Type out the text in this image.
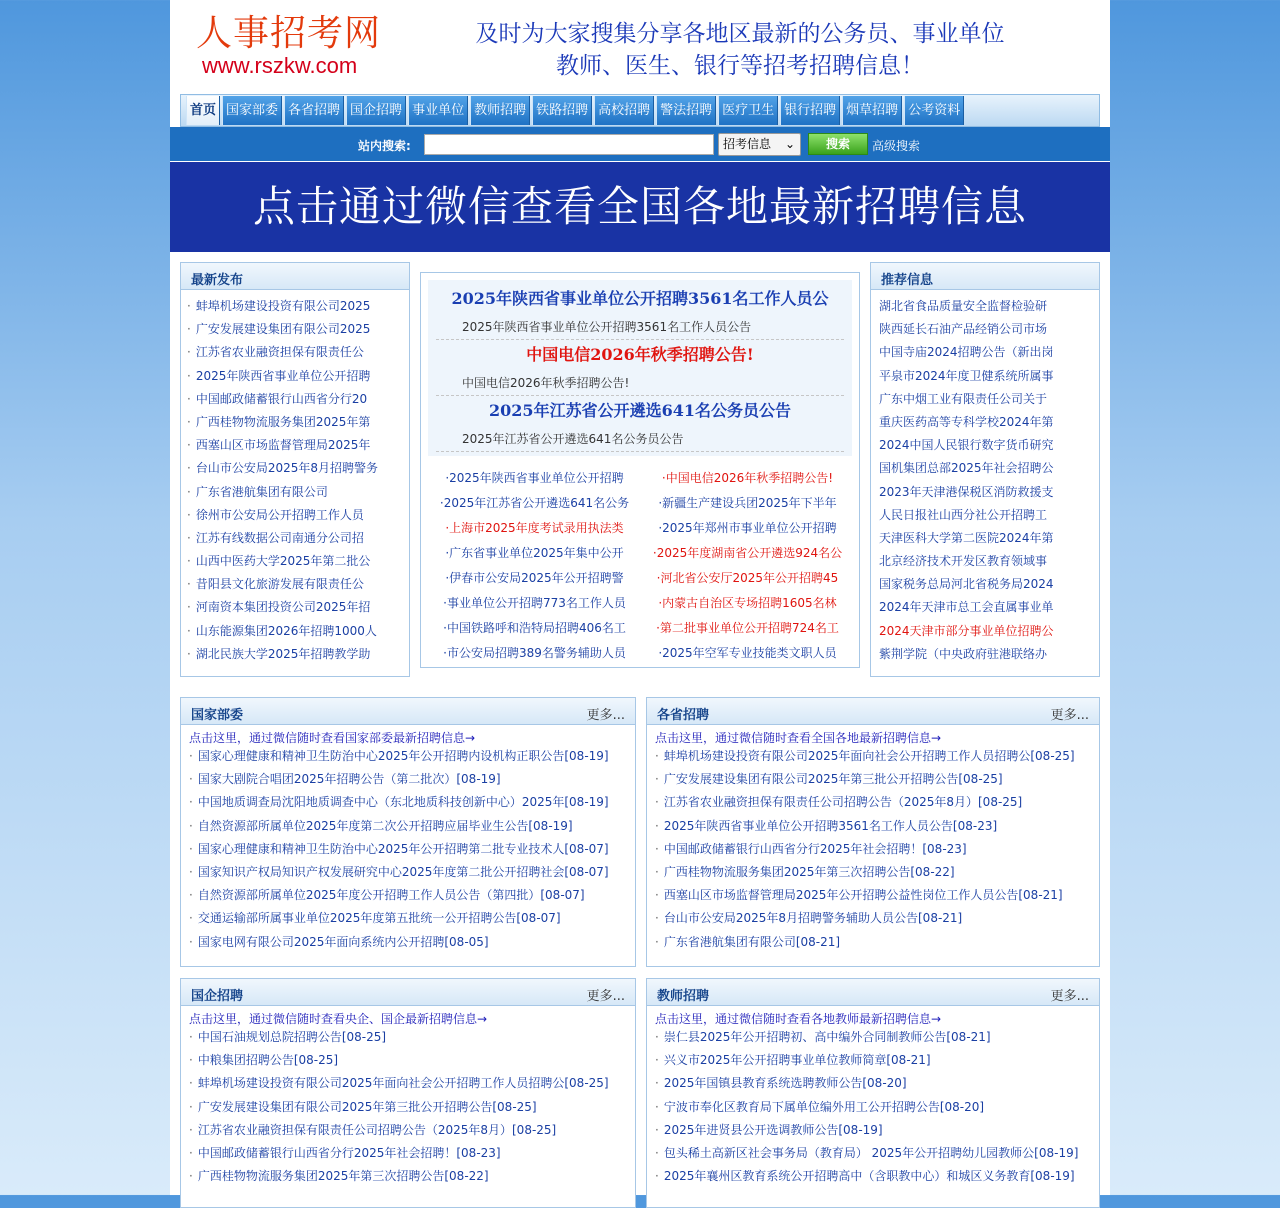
人事招考网
www.rszkw.com
及时为大家搜集分享各地区最新的公务员、事业单位
教师、医生、银行等招考招聘信息！
首页 国家部委 各省招聘 国企招聘 事业单位 教师招聘 铁路招聘 高校招聘 警法招聘 医疗卫生 银行招聘 烟草招聘 公考资料
站内搜索:	招考信息 ⌄	搜索	高级搜索
点击通过微信查看全国各地最新招聘信息
最新发布
· 蚌埠机场建设投资有限公司2025
· 广安发展建设集团有限公司2025
· 江苏省农业融资担保有限责任公
· 2025年陕西省事业单位公开招聘
· 中国邮政储蓄银行山西省分行20
· 广西桂物物流服务集团2025年第
· 西塞山区市场监督管理局2025年
· 台山市公安局2025年8月招聘警务
· 广东省港航集团有限公司
· 徐州市公安局公开招聘工作人员
· 江苏有线数据公司南通分公司招
· 山西中医药大学2025年第二批公
· 昔阳县文化旅游发展有限责任公
· 河南资本集团投资公司2025年招
· 山东能源集团2026年招聘1000人
· 湖北民族大学2025年招聘教学助
2025年陕西省事业单位公开招聘3561名工作人员公
2025年陕西省事业单位公开招聘3561名工作人员公告
中国电信2026年秋季招聘公告!
中国电信2026年秋季招聘公告!
2025年江苏省公开遴选641名公务员公告
2025年江苏省公开遴选641名公务员公告
·2025年陕西省事业单位公开招聘	·中国电信2026年秋季招聘公告!
·2025年江苏省公开遴选641名公务	·新疆生产建设兵团2025年下半年
·上海市2025年度考试录用执法类	·2025年郑州市事业单位公开招聘
·广东省事业单位2025年集中公开	·2025年度湖南省公开遴选924名公
·伊春市公安局2025年公开招聘警	·河北省公安厅2025年公开招聘45
·事业单位公开招聘773名工作人员	·内蒙古自治区专场招聘1605名林
·中国铁路呼和浩特局招聘406名工	·第二批事业单位公开招聘724名工
·市公安局招聘389名警务辅助人员	·2025年空军专业技能类文职人员
推荐信息
湖北省食品质量安全监督检验研
陕西延长石油产品经销公司市场
中国寺庙2024招聘公告（新出岗
平泉市2024年度卫健系统所属事
广东中烟工业有限责任公司关于
重庆医药高等专科学校2024年第
2024中国人民银行数字货币研究
国机集团总部2025年社会招聘公
2023年天津港保税区消防救援支
人民日报社山西分社公开招聘工
天津医科大学第二医院2024年第
北京经济技术开发区教育领域事
国家税务总局河北省税务局2024
2024年天津市总工会直属事业单
2024天津市部分事业单位招聘公
紫荆学院（中央政府驻港联络办
国家部委	更多...
点击这里，通过微信随时查看国家部委最新招聘信息→
· 国家心理健康和精神卫生防治中心2025年公开招聘内设机构正职公告[08-19]
· 国家大剧院合唱团2025年招聘公告（第二批次）[08-19]
· 中国地质调查局沈阳地质调查中心（东北地质科技创新中心）2025年[08-19]
· 自然资源部所属单位2025年度第二次公开招聘应届毕业生公告[08-19]
· 国家心理健康和精神卫生防治中心2025年公开招聘第二批专业技术人[08-07]
· 国家知识产权局知识产权发展研究中心2025年度第二批公开招聘社会[08-07]
· 自然资源部所属单位2025年度公开招聘工作人员公告（第四批）[08-07]
· 交通运输部所属事业单位2025年度第五批统一公开招聘公告[08-07]
· 国家电网有限公司2025年面向系统内公开招聘[08-05]
各省招聘	更多...
点击这里，通过微信随时查看全国各地最新招聘信息→
· 蚌埠机场建设投资有限公司2025年面向社会公开招聘工作人员招聘公[08-25]
· 广安发展建设集团有限公司2025年第三批公开招聘公告[08-25]
· 江苏省农业融资担保有限责任公司招聘公告（2025年8月）[08-25]
· 2025年陕西省事业单位公开招聘3561名工作人员公告[08-23]
· 中国邮政储蓄银行山西省分行2025年社会招聘！[08-23]
· 广西桂物物流服务集团2025年第三次招聘公告[08-22]
· 西塞山区市场监督管理局2025年公开招聘公益性岗位工作人员公告[08-21]
· 台山市公安局2025年8月招聘警务辅助人员公告[08-21]
· 广东省港航集团有限公司[08-21]
国企招聘	更多...
点击这里，通过微信随时查看央企、国企最新招聘信息→
· 中国石油规划总院招聘公告[08-25]
· 中粮集团招聘公告[08-25]
· 蚌埠机场建设投资有限公司2025年面向社会公开招聘工作人员招聘公[08-25]
· 广安发展建设集团有限公司2025年第三批公开招聘公告[08-25]
· 江苏省农业融资担保有限责任公司招聘公告（2025年8月）[08-25]
· 中国邮政储蓄银行山西省分行2025年社会招聘！[08-23]
· 广西桂物物流服务集团2025年第三次招聘公告[08-22]
教师招聘	更多...
点击这里，通过微信随时查看各地教师最新招聘信息→
· 崇仁县2025年公开招聘初、高中编外合同制教师公告[08-21]
· 兴义市2025年公开招聘事业单位教师简章[08-21]
· 2025年国镇县教育系统选聘教师公告[08-20]
· 宁波市奉化区教育局下属单位编外用工公开招聘公告[08-20]
· 2025年进贤县公开选调教师公告[08-19]
· 包头稀土高新区社会事务局（教育局） 2025年公开招聘幼儿园教师公[08-19]
· 2025年襄州区教育系统公开招聘高中（含职教中心）和城区义务教育[08-19]
